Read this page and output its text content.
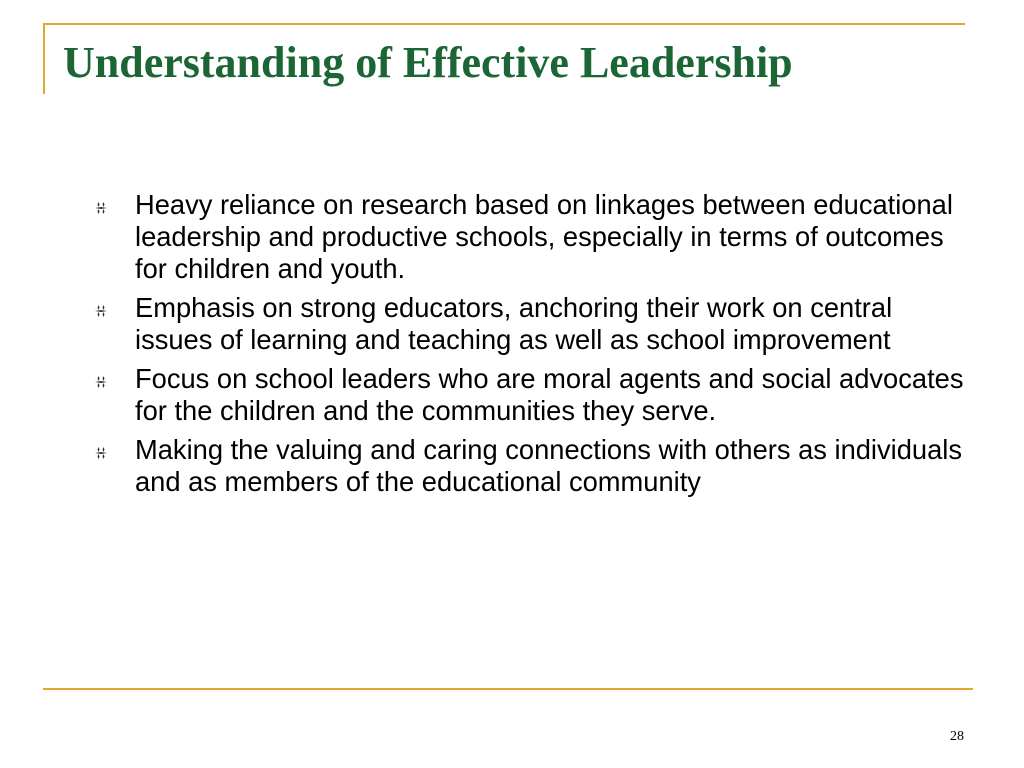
Understanding of Effective Leadership
Heavy reliance on research based on linkages between educational leadership and productive schools, especially in terms of outcomes for children and youth.
Emphasis on strong educators, anchoring their work on central issues of learning and teaching as well as school improvement
Focus on school leaders who are moral agents and social advocates for the children and the communities they serve.
Making the valuing and caring connections with others as individuals and as members of the educational community
28
